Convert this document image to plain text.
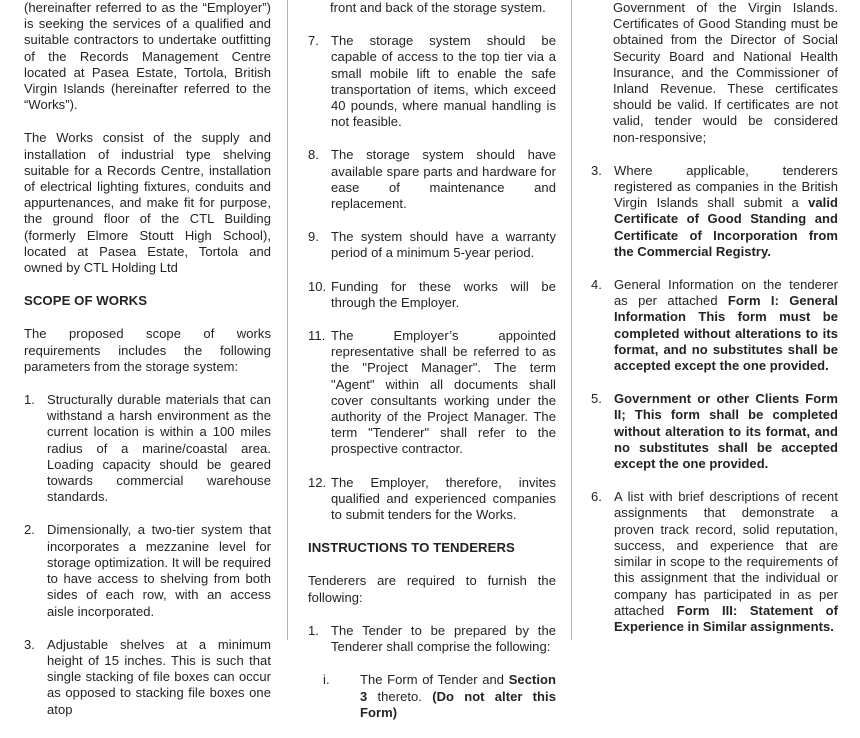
(hereinafter referred to as the “Employer”) is seeking the services of a qualified and suitable contractors to undertake outfitting of the Records Management Centre located at Pasea Estate, Tortola, British Virgin Islands (hereinafter referred to the “Works”).

The Works consist of the supply and installation of industrial type shelving suitable for a Records Centre, installation of electrical lighting fixtures, conduits and appurtenances, and make fit for purpose, the ground floor of the CTL Building (formerly Elmore Stoutt High School), located at Pasea Estate, Tortola and owned by CTL Holding Ltd

SCOPE OF WORKS

The proposed scope of works requirements includes the following parameters from the storage system:

1. Structurally durable materials that can withstand a harsh environment as the current location is within a 100 miles radius of a marine/coastal area. Loading capacity should be geared towards commercial warehouse standards.
2. Dimensionally, a two-tier system that incorporates a mezzanine level for storage optimization. It will be required to have access to shelving from both sides of each row, with an access aisle incorporated.
3. Adjustable shelves at a minimum height of 15 inches. This is such that single stacking of file boxes can occur as opposed to stacking file boxes one atop

front and back of the storage system.

7. The storage system should be capable of access to the top tier via a small mobile lift to enable the safe transportation of items, which exceed 40 pounds, where manual handling is not feasible.
8. The storage system should have available spare parts and hardware for ease of maintenance and replacement.
9. The system should have a warranty period of a minimum 5-year period.
10. Funding for these works will be through the Employer.
11. The Employer’s appointed representative shall be referred to as the "Project Manager". The term "Agent" within all documents shall cover consultants working under the authority of the Project Manager. The term "Tenderer" shall refer to the prospective contractor.
12. The Employer, therefore, invites qualified and experienced companies to submit tenders for the Works.
INSTRUCTIONS TO TENDERERS

Tenderers are required to furnish the following:

1. The Tender to be prepared by the Tenderer shall comprise the following:
i.	The Form of Tender and Section 3 thereto. (Do not alter this Form)

Government of the Virgin Islands. Certificates of Good Standing must be obtained from the Director of Social Security Board and National Health Insurance, and the Commissioner of Inland Revenue. These certificates should be valid. If certificates are not valid, tender would be considered non-responsive;

3. Where applicable, tenderers registered as companies in the British Virgin Islands shall submit a valid Certificate of Good Standing and Certificate of Incorporation from the Commercial Registry.
4. General Information on the tenderer as per attached Form I: General Information This form must be completed without alterations to its format, and no substitutes shall be accepted except the one provided.
5. Government or other Clients Form II; This form shall be completed without alteration to its format, and no substitutes shall be accepted except the one provided.
6. A list with brief descriptions of recent assignments that demonstrate a proven track record, solid reputation, success, and experience that are similar in scope to the requirements of this assignment that the individual or company has participated in as per attached Form III: Statement of Experience in Similar assignments.
